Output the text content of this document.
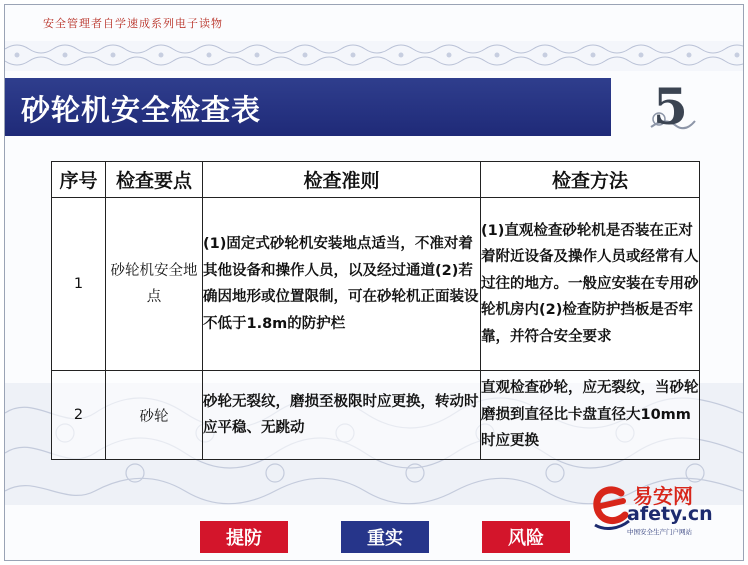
安全管理者自学速成系列电子读物
砂轮机安全检查表	5
序号	检查要点	检查准则	检查方法
1	砂轮机安全地点	(1)固定式砂轮机安装地点适当，不准对着其他设备和操作人员，以及经过通道(2)若确因地形或位置限制，可在砂轮机正面装设不低于1.8m的防护栏	(1)直观检查砂轮机是否装在正对着附近设备及操作人员或经常有人过往的地方。一般应安装在专用砂轮机房内(2)检查防护挡板是否牢靠，并符合安全要求
2	砂轮	砂轮无裂纹，磨损至极限时应更换，转动时应平稳、无跳动	直观检查砂轮，应无裂纹，当砂轮磨损到直径比卡盘直径大10mm 时应更换
易安网
afety.cn
中国安全生产门户网站
提防	重实	风险
